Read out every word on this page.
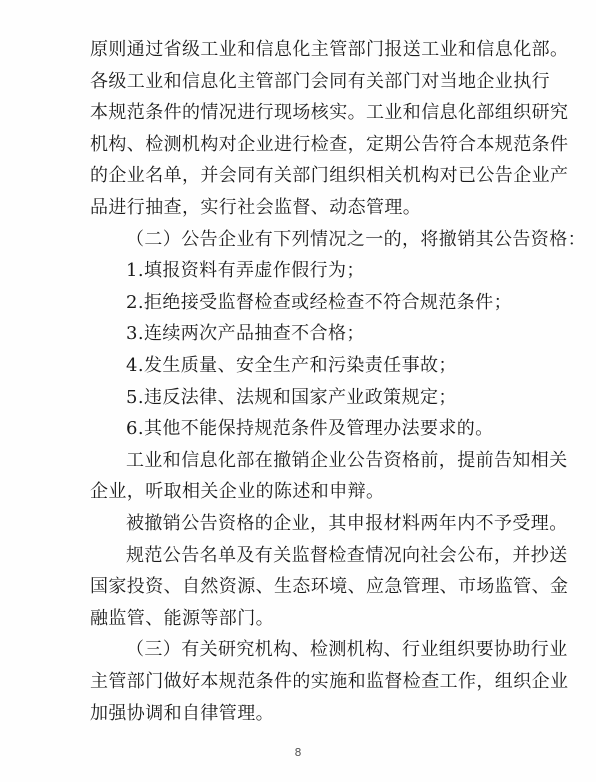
8
原则通过省级工业和信息化主管部门报送工业和信息化部。
各级工业和信息化主管部门会同有关部门对当地企业执行
本规范条件的情况进行现场核实。工业和信息化部组织研究
机构、检测机构对企业进行检查，定期公告符合本规范条件
的企业名单，并会同有关部门组织相关机构对已公告企业产
品进行抽查，实行社会监督、动态管理。
（二）公告企业有下列情况之一的，将撤销其公告资格：
1.填报资料有弄虚作假行为；
2.拒绝接受监督检查或经检查不符合规范条件；
3.连续两次产品抽查不合格；
4.发生质量、安全生产和污染责任事故；
5.违反法律、法规和国家产业政策规定；
6.其他不能保持规范条件及管理办法要求的。
工业和信息化部在撤销企业公告资格前，提前告知相关
企业，听取相关企业的陈述和申辩。
被撤销公告资格的企业，其申报材料两年内不予受理。
规范公告名单及有关监督检查情况向社会公布，并抄送
国家投资、自然资源、生态环境、应急管理、市场监管、金
融监管、能源等部门。
（三）有关研究机构、检测机构、行业组织要协助行业
主管部门做好本规范条件的实施和监督检查工作，组织企业
加强协调和自律管理。
